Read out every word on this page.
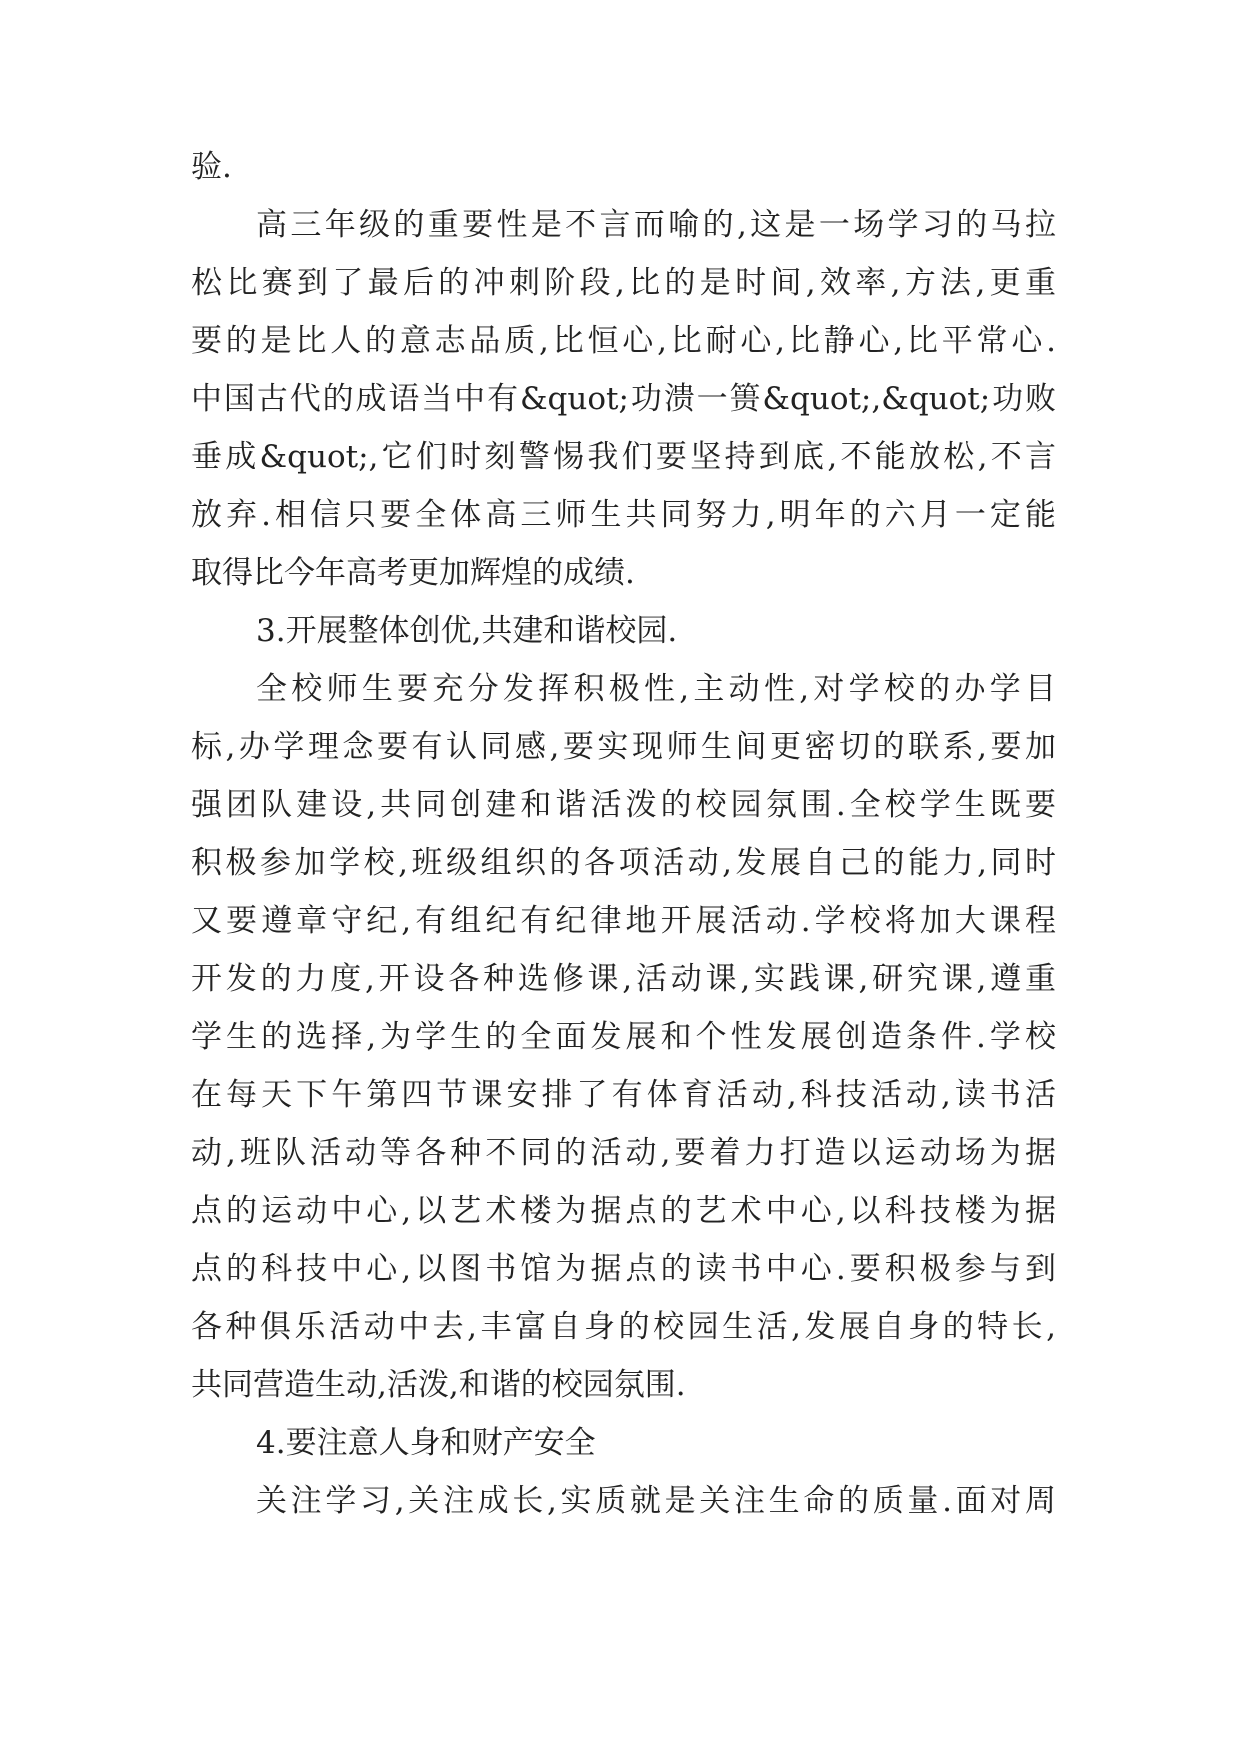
验.
高三年级的重要性是不言而喻的,这是一场学习的马拉
松比赛到了最后的冲刺阶段,比的是时间,效率,方法,更重
要的是比人的意志品质,比恒心,比耐心,比静心,比平常心.
中国古代的成语当中有&quot;功溃一篑&quot;,&quot;功败
垂成&quot;,它们时刻警惕我们要坚持到底,不能放松,不言
放弃.相信只要全体高三师生共同努力,明年的六月一定能
取得比今年高考更加辉煌的成绩.
3.开展整体创优,共建和谐校园.
全校师生要充分发挥积极性,主动性,对学校的办学目
标,办学理念要有认同感,要实现师生间更密切的联系,要加
强团队建设,共同创建和谐活泼的校园氛围.全校学生既要
积极参加学校,班级组织的各项活动,发展自己的能力,同时
又要遵章守纪,有组纪有纪律地开展活动.学校将加大课程
开发的力度,开设各种选修课,活动课,实践课,研究课,遵重
学生的选择,为学生的全面发展和个性发展创造条件.学校
在每天下午第四节课安排了有体育活动,科技活动,读书活
动,班队活动等各种不同的活动,要着力打造以运动场为据
点的运动中心,以艺术楼为据点的艺术中心,以科技楼为据
点的科技中心,以图书馆为据点的读书中心.要积极参与到
各种俱乐活动中去,丰富自身的校园生活,发展自身的特长,
共同营造生动,活泼,和谐的校园氛围.
4.要注意人身和财产安全
关注学习,关注成长,实质就是关注生命的质量.面对周
